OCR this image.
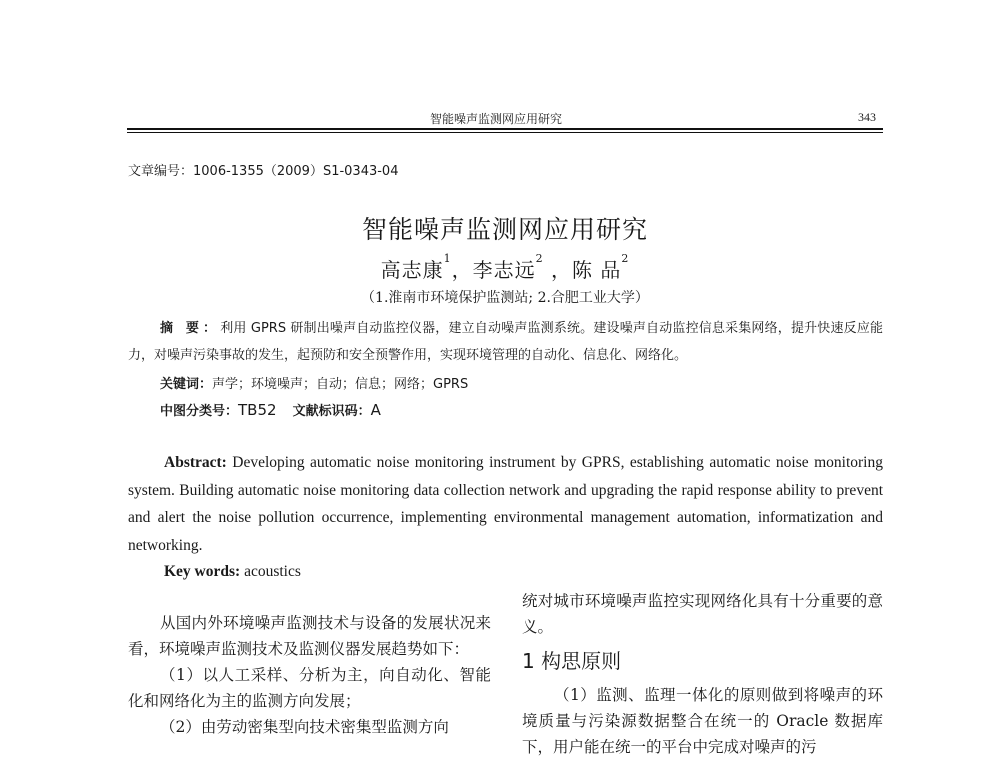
智能噪声监测网应用研究	343
文章编号：1006-1355（2009）S1-0343-04
智能噪声监测网应用研究
高志康$^1$，李志远$^2$ ，陈 品$^2$
（1.淮南市环境保护监测站; 2.合肥工业大学）
摘 要：利用 GPRS 研制出噪声自动监控仪器，建立自动噪声监测系统。建设噪声自动监控信息采集网络，提升快速反应能力，对噪声污染事故的发生，起预防和安全预警作用，实现环境管理的自动化、信息化、网络化。
关键词：声学；环境噪声；自动；信息；网络；GPRS
中图分类号：TB52 文献标识码：A
Abstract: Developing automatic noise monitoring instrument by GPRS, establishing automatic noise monitoring system. Building automatic noise monitoring data collection network and upgrading the rapid response ability to prevent and alert the noise pollution occurrence, implementing environmental management automation, informatization and networking.
Key words: acoustics

从国内外环境噪声监测技术与设备的发展状况来看，环境噪声监测技术及监测仪器发展趋势如下：

（1）以人工采样、分析为主，向自动化、智能化和网络化为主的监测方向发展；

（2）由劳动密集型向技术密集型监测方向

统对城市环境噪声监控实现网络化具有十分重要的意义。

1 构思原则

（1）监测、监理一体化的原则做到将噪声的环境质量与污染源数据整合在统一的 Oracle 数据库下，用户能在统一的平台中完成对噪声的污
